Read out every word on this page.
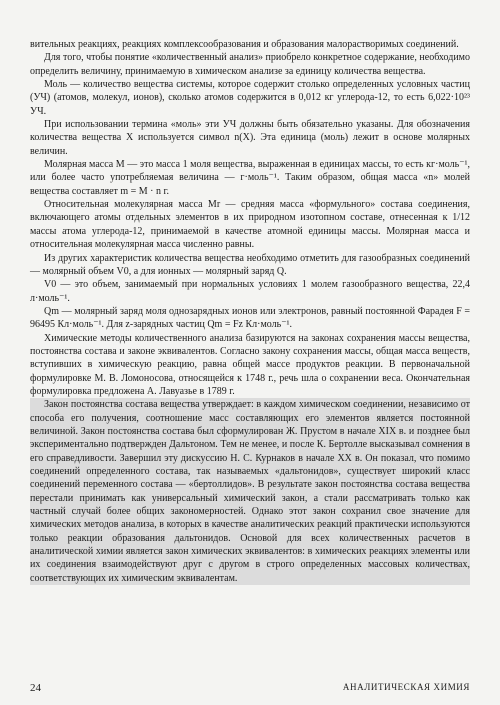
вительных реакциях, реакциях комплексообразования и образования малорастворимых соединений.

Для того, чтобы понятие «количественный анализ» приобрело конкретное содержание, необходимо определить величину, принимаемую в химическом анализе за единицу количества вещества.

Моль — количество вещества системы, которое содержит столько определенных условных частиц (УЧ) (атомов, молекул, ионов), сколько атомов содержится в 0,012 кг углерода-12, то есть 6,022·10²³ УЧ.

При использовании термина «моль» эти УЧ должны быть обязательно указаны. Для обозначения количества вещества X используется символ n(X). Эта единица (моль) лежит в основе молярных величин.

Молярная масса M — это масса 1 моля вещества, выраженная в единицах массы, то есть кг·моль⁻¹, или более часто употребляемая величина — г·моль⁻¹. Таким образом, общая масса «n» молей вещества составляет m = M · n г.

Относительная молекулярная масса Mr — средняя масса «формульного» состава соединения, включающего атомы отдельных элементов в их природном изотопном составе, отнесенная к 1/12 массы атома углерода-12, принимаемой в качестве атомной единицы массы. Молярная масса и относительная молекулярная масса численно равны.

Из других характеристик количества вещества необходимо отметить для газообразных соединений — молярный объем V0, а для ионных — молярный заряд Q.

V0 — это объем, занимаемый при нормальных условиях 1 молем газообразного вещества, 22,4 л·моль⁻¹.

Qm — молярный заряд моля однозарядных ионов или электронов, равный постоянной Фарадея F = 96495 Кл·моль⁻¹. Для z-зарядных частиц Qm = Fz Кл·моль⁻¹.

Химические методы количественного анализа базируются на законах сохранения массы вещества, постоянства состава и законе эквивалентов. Согласно закону сохранения массы, общая масса веществ, вступивших в химическую реакцию, равна общей массе продуктов реакции. В первоначальной формулировке М. В. Ломоносова, относящейся к 1748 г., речь шла о сохранении веса. Окончательная формулировка предложена А. Лавуазье в 1789 г.

Закон постоянства состава вещества утверждает: в каждом химическом соединении, независимо от способа его получения, соотношение масс составляющих его элементов является постоянной величиной. Закон постоянства состава был сформулирован Ж. Прустом в начале XIX в. и позднее был экспериментально подтвержден Дальтоном. Тем не менее, и после К. Бертолле высказывал сомнения в его справедливости. Завершил эту дискуссию Н. С. Курнаков в начале XX в. Он показал, что помимо соединений определенного состава, так называемых «дальтонидов», существует широкий класс соединений переменного состава — «бертоллидов». В результате закон постоянства состава вещества перестали принимать как универсальный химический закон, а стали рассматривать только как частный случай более общих закономерностей. Однако этот закон сохранил свое значение для химических методов анализа, в которых в качестве аналитических реакций практически используются только реакции образования дальтонидов. Основой для всех количественных расчетов в аналитической химии является закон химических эквивалентов: в химических реакциях элементы или их соединения взаимодействуют друг с другом в строго определенных массовых количествах, соответствующих их химическим эквивалентам.

24	АНАЛИТИЧЕСКАЯ ХИМИЯ
